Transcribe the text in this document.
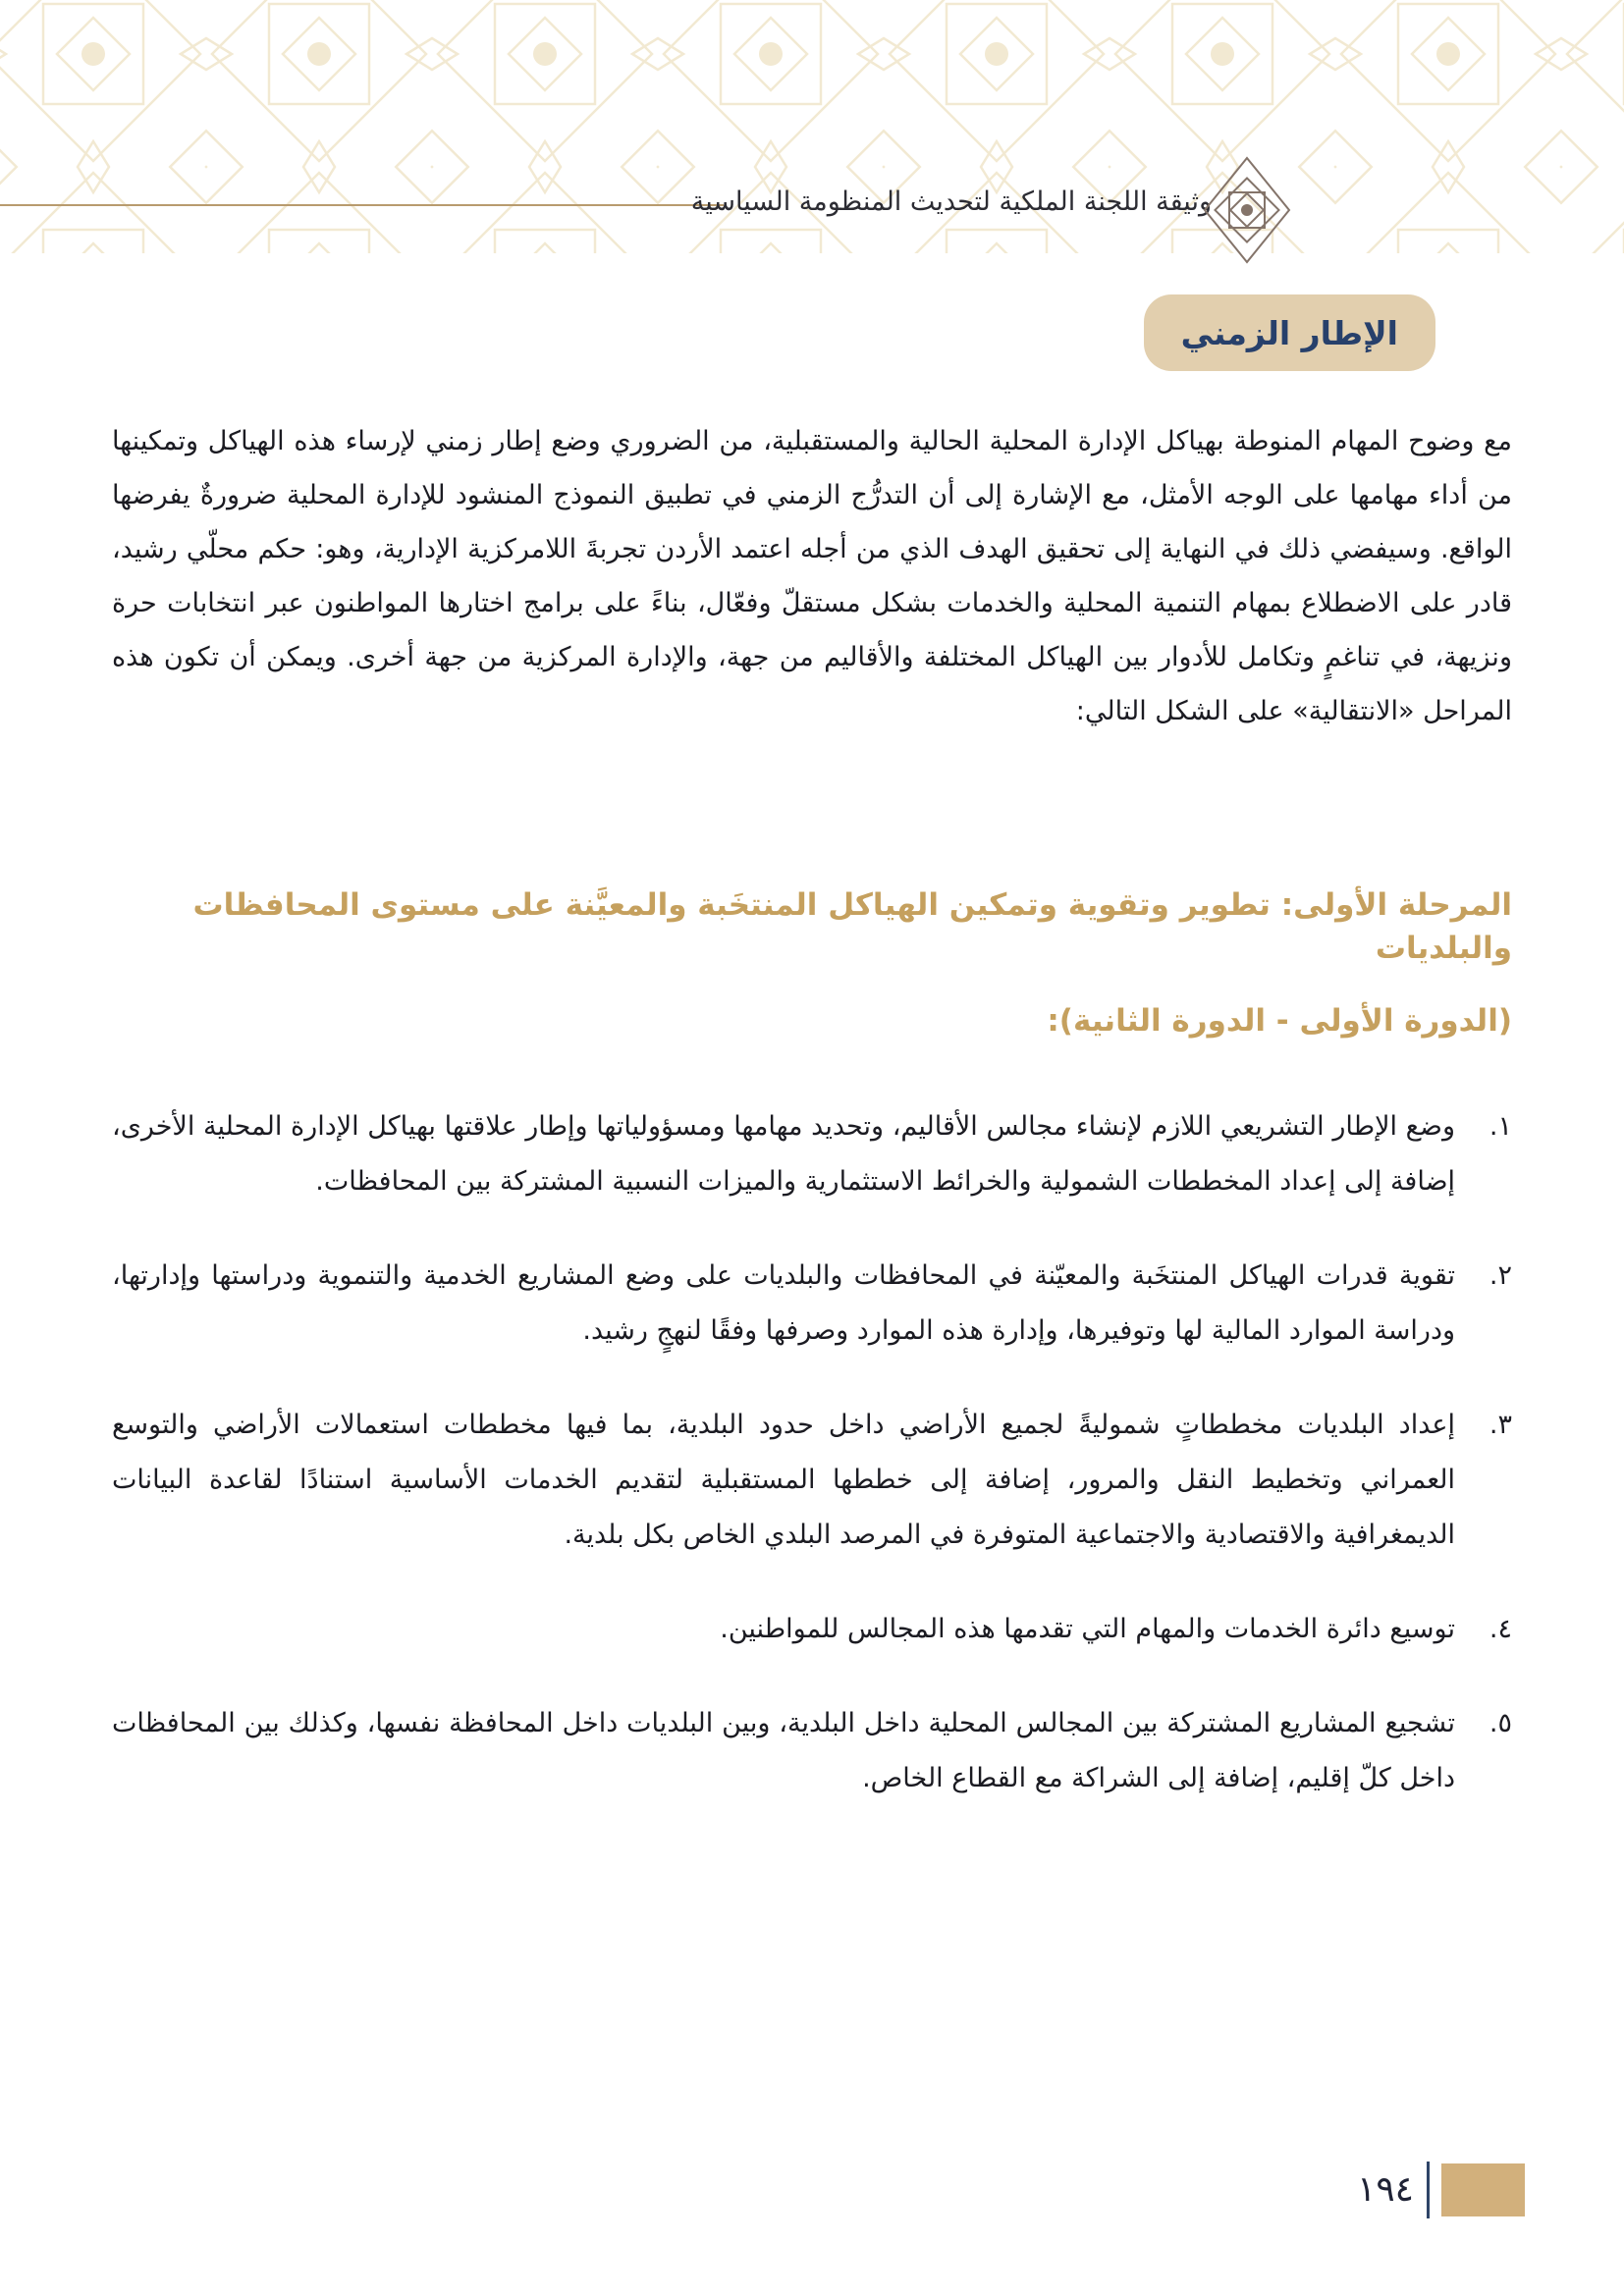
وثيقة اللجنة الملكية لتحديث المنظومة السياسية
الإطار الزمني

مع وضوح المهام المنوطة بهياكل الإدارة المحلية الحالية والمستقبلية، من الضروري وضع إطار زمني لإرساء هذه الهياكل وتمكينها من أداء مهامها على الوجه الأمثل، مع الإشارة إلى أن التدرُّج الزمني في تطبيق النموذج المنشود للإدارة المحلية ضرورةٌ يفرضها الواقع. وسيفضي ذلك في النهاية إلى تحقيق الهدف الذي من أجله اعتمد الأردن تجربةَ اللامركزية الإدارية، وهو: حكم محلّي رشيد، قادر على الاضطلاع بمهام التنمية المحلية والخدمات بشكل مستقلّ وفعّال، بناءً على برامج اختارها المواطنون عبر انتخابات حرة ونزيهة، في تناغمٍ وتكامل للأدوار بين الهياكل المختلفة والأقاليم من جهة، والإدارة المركزية من جهة أخرى. ويمكن أن تكون هذه المراحل «الانتقالية» على الشكل التالي:

المرحلة الأولى: تطوير وتقوية وتمكين الهياكل المنتخَبة والمعيَّنة على مستوى المحافظات والبلديات
(الدورة الأولى - الدورة الثانية):
١.
وضع الإطار التشريعي اللازم لإنشاء مجالس الأقاليم، وتحديد مهامها ومسؤولياتها وإطار علاقتها بهياكل الإدارة المحلية الأخرى، إضافة إلى إعداد المخططات الشمولية والخرائط الاستثمارية والميزات النسبية المشتركة بين المحافظات.
٢.
تقوية قدرات الهياكل المنتخَبة والمعيّنة في المحافظات والبلديات على وضع المشاريع الخدمية والتنموية ودراستها وإدارتها، ودراسة الموارد المالية لها وتوفيرها، وإدارة هذه الموارد وصرفها وفقًا لنهجٍ رشيد.
٣.
إعداد البلديات مخططاتٍ شموليةً لجميع الأراضي داخل حدود البلدية، بما فيها مخططات استعمالات الأراضي والتوسع العمراني وتخطيط النقل والمرور، إضافة إلى خططها المستقبلية لتقديم الخدمات الأساسية استنادًا لقاعدة البيانات الديمغرافية والاقتصادية والاجتماعية المتوفرة في المرصد البلدي الخاص بكل بلدية.
٤.
توسيع دائرة الخدمات والمهام التي تقدمها هذه المجالس للمواطنين.
٥.
تشجيع المشاريع المشتركة بين المجالس المحلية داخل البلدية، وبين البلديات داخل المحافظة نفسها، وكذلك بين المحافظات داخل كلّ إقليم، إضافة إلى الشراكة مع القطاع الخاص.
١٩٤
